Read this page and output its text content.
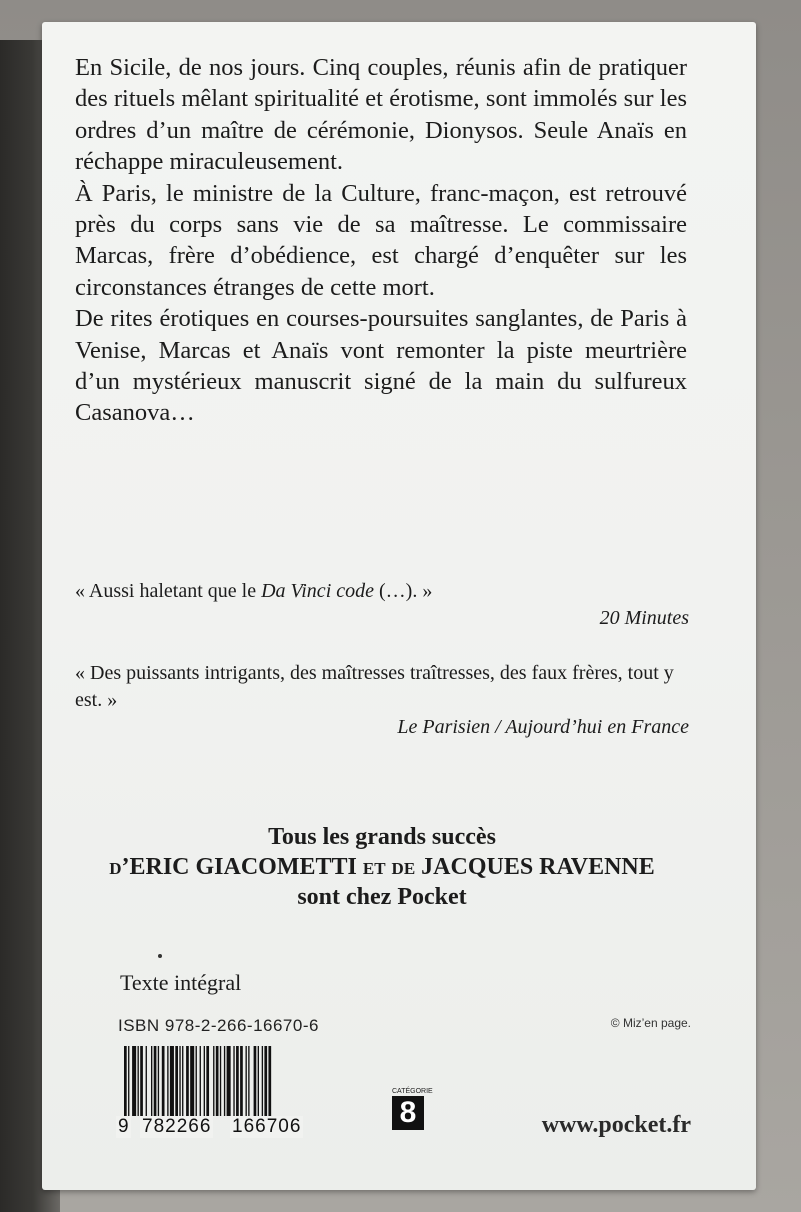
En Sicile, de nos jours. Cinq couples, réunis afin de pratiquer des rituels mêlant spiritualité et érotisme, sont immolés sur les ordres d’un maître de cérémonie, Dionysos. Seule Anaïs en réchappe miraculeusement.

À Paris, le ministre de la Culture, franc-maçon, est retrouvé près du corps sans vie de sa maîtresse. Le commissaire Marcas, frère d’obédience, est chargé d’enquêter sur les circonstances étranges de cette mort.

De rites érotiques en courses-poursuites sanglantes, de Paris à Venise, Marcas et Anaïs vont remonter la piste meurtrière d’un mystérieux manuscrit signé de la main du sulfureux Casanova…

« Aussi haletant que le Da Vinci code (…). »
20 Minutes
« Des puissants intrigants, des maîtresses traîtresses, des faux frères, tout y est. »
Le Parisien / Aujourd’hui en France
Tous les grands succès
d’ERIC GIACOMETTI et de JACQUES RAVENNE
sont chez Pocket
Texte intégral
ISBN 978-2-266-16670-6	© Miz’en page.
9 782266 166706
CATÉGORIE
8	www.pocket.fr
